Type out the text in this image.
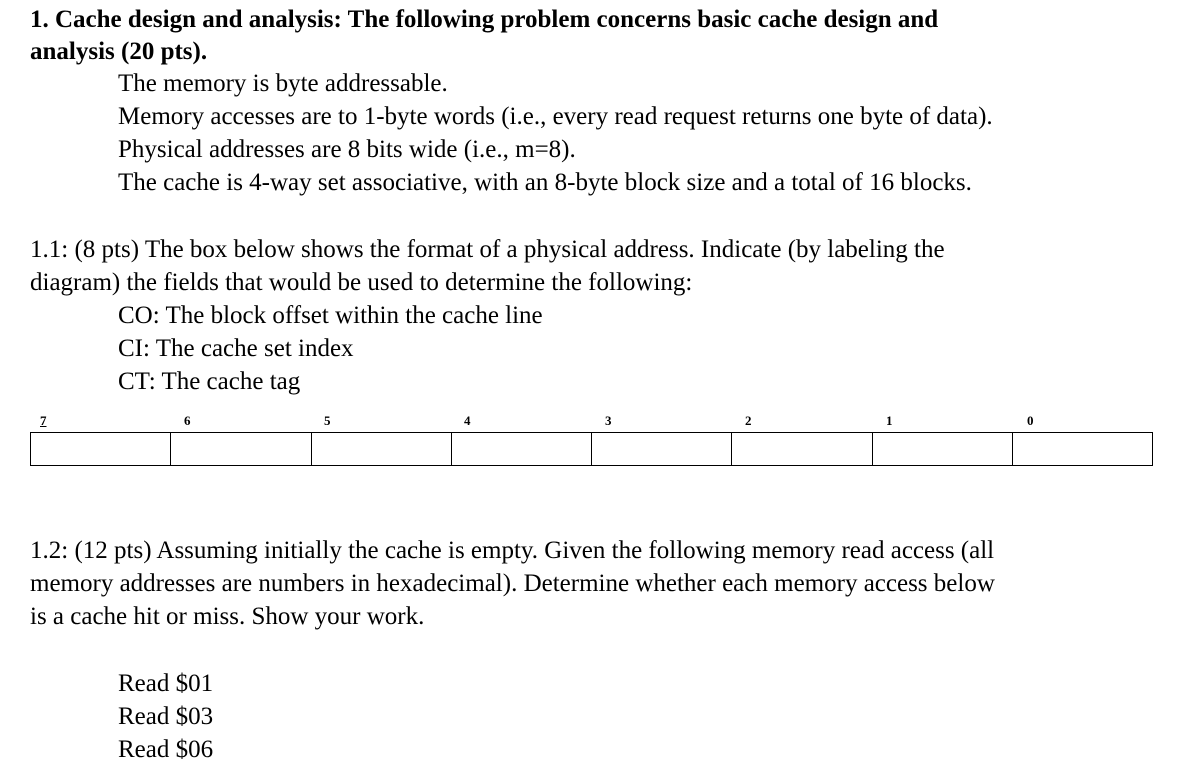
1. Cache design and analysis: The following problem concerns basic cache design and
analysis (20 pts).
The memory is byte addressable.
Memory accesses are to 1-byte words (i.e., every read request returns one byte of data).
Physical addresses are 8 bits wide (i.e., m=8).
The cache is 4-way set associative, with an 8-byte block size and a total of 16 blocks.
1.1: (8 pts) The box below shows the format of a physical address. Indicate (by labeling the
diagram) the fields that would be used to determine the following:
CO: The block offset within the cache line
CI: The cache set index
CT: The cache tag
7	6	5	4	3	2	1	0
1.2: (12 pts) Assuming initially the cache is empty. Given the following memory read access (all
memory addresses are numbers in hexadecimal). Determine whether each memory access below
is a cache hit or miss. Show your work.
Read $01
Read $03
Read $06
